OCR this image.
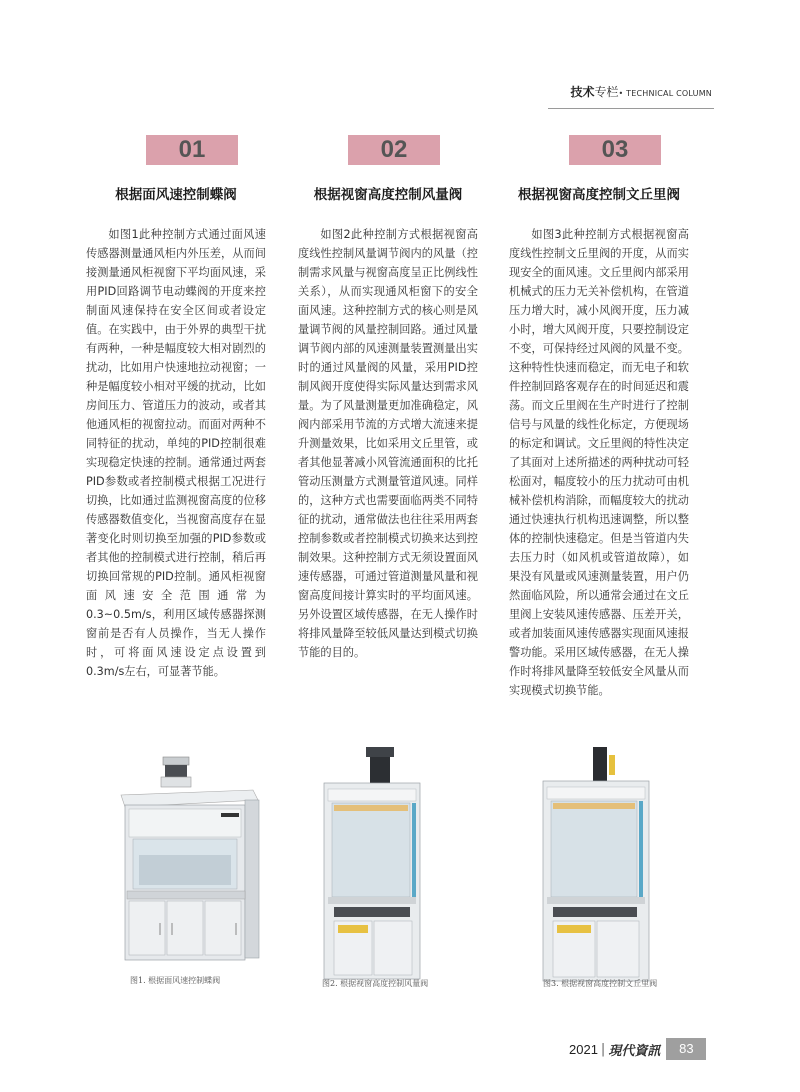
技术专栏• TECHNICAL COLUMN
01
根据面风速控制蝶阀
如图1此种控制方式通过面风速传感器测量通风柜内外压差，从而间接测量通风柜视窗下平均面风速，采用PID回路调节电动蝶阀的开度来控制面风速保持在安全区间或者设定值。在实践中，由于外界的典型干扰有两种，一种是幅度较大相对剧烈的扰动，比如用户快速地拉动视窗；一种是幅度较小相对平缓的扰动，比如房间压力、管道压力的波动，或者其他通风柜的视窗拉动。而面对两种不同特征的扰动，单纯的PID控制很难实现稳定快速的控制。通常通过两套PID参数或者控制模式根据工况进行切换，比如通过监测视窗高度的位移传感器数值变化，当视窗高度存在显著变化时则切换至加强的PID参数或者其他的控制模式进行控制，稍后再切换回常规的PID控制。通风柜视窗面风速安全范围通常为0.3~0.5m/s，利用区域传感器探测窗前是否有人员操作，当无人操作时，可将面风速设定点设置到0.3m/s左右，可显著节能。
02
根据视窗高度控制风量阀
如图2此种控制方式根据视窗高度线性控制风量调节阀内的风量（控制需求风量与视窗高度呈正比例线性关系），从而实现通风柜窗下的安全面风速。这种控制方式的核心则是风量调节阀的风量控制回路。通过风量调节阀内部的风速测量装置测量出实时的通过风量阀的风量，采用PID控制风阀开度使得实际风量达到需求风量。为了风量测量更加准确稳定，风阀内部采用节流的方式增大流速来提升测量效果，比如采用文丘里管，或者其他显著减小风管流通面积的比托管动压测量方式测量管道风速。同样的，这种方式也需要面临两类不同特征的扰动，通常做法也往往采用两套控制参数或者控制模式切换来达到控制效果。这种控制方式无须设置面风速传感器，可通过管道测量风量和视窗高度间接计算实时的平均面风速。另外设置区域传感器，在无人操作时将排风量降至较低风量达到模式切换节能的目的。
03
根据视窗高度控制文丘里阀
如图3此种控制方式根据视窗高度线性控制文丘里阀的开度，从而实现安全的面风速。文丘里阀内部采用机械式的压力无关补偿机构，在管道压力增大时，减小风阀开度，压力减小时，增大风阀开度，只要控制设定不变，可保持经过风阀的风量不变。这种特性快速而稳定，而无电子和软件控制回路客观存在的时间延迟和震荡。而文丘里阀在生产时进行了控制信号与风量的线性化标定，方便现场的标定和调试。文丘里阀的特性决定了其面对上述所描述的两种扰动可轻松面对，幅度较小的压力扰动可由机械补偿机构消除，而幅度较大的扰动通过快速执行机构迅速调整，所以整体的控制快速稳定。但是当管道内失去压力时（如风机或管道故障），如果没有风量或风速测量装置，用户仍然面临风险，所以通常会通过在文丘里阀上安装风速传感器、压差开关，或者加装面风速传感器实现面风速报警功能。采用区域传感器，在无人操作时将排风量降至较低安全风量从而实现模式切换节能。
图1. 根据面风速控制蝶阀	图2. 根据视窗高度控制风量阀	图3. 根据视窗高度控制文丘里阀
2021 | 現代資訊	83
